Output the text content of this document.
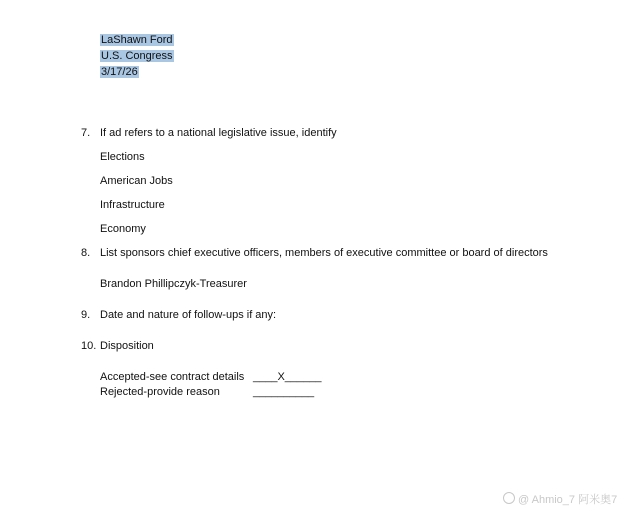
LaShawn Ford
U.S. Congress
3/17/26
7. If ad refers to a national legislative issue, identify
Elections
American Jobs
Infrastructure
Economy
8. List sponsors chief executive officers, members of executive committee or board of directors
Brandon Phillipczyk-Treasurer
9. Date and nature of follow-ups if any:
10. Disposition
Accepted-see contract details ____X______
Rejected-provide reason	__________
@ Ahmio_7 阿米奥7
